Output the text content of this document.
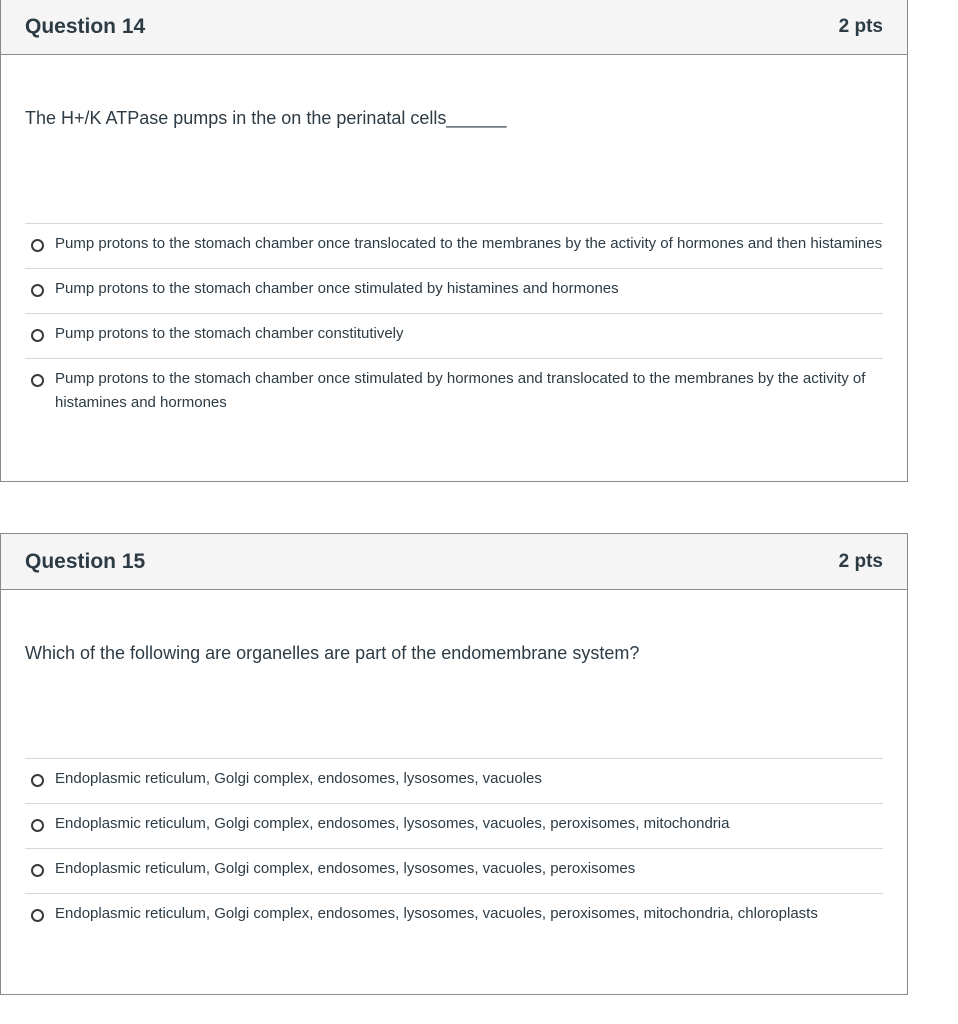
Question 14	2 pts
The H+/K ATPase pumps in the on the perinatal cells______
Pump protons to the stomach chamber once translocated to the membranes by the activity of hormones and then histamines
Pump protons to the stomach chamber once stimulated by histamines and hormones
Pump protons to the stomach chamber constitutively
Pump protons to the stomach chamber once stimulated by hormones and translocated to the membranes by the activity of histamines and hormones
Question 15	2 pts
Which of the following are organelles are part of the endomembrane system?
Endoplasmic reticulum, Golgi complex, endosomes, lysosomes, vacuoles
Endoplasmic reticulum, Golgi complex, endosomes, lysosomes, vacuoles, peroxisomes, mitochondria
Endoplasmic reticulum, Golgi complex, endosomes, lysosomes, vacuoles, peroxisomes
Endoplasmic reticulum, Golgi complex, endosomes, lysosomes, vacuoles, peroxisomes, mitochondria, chloroplasts
